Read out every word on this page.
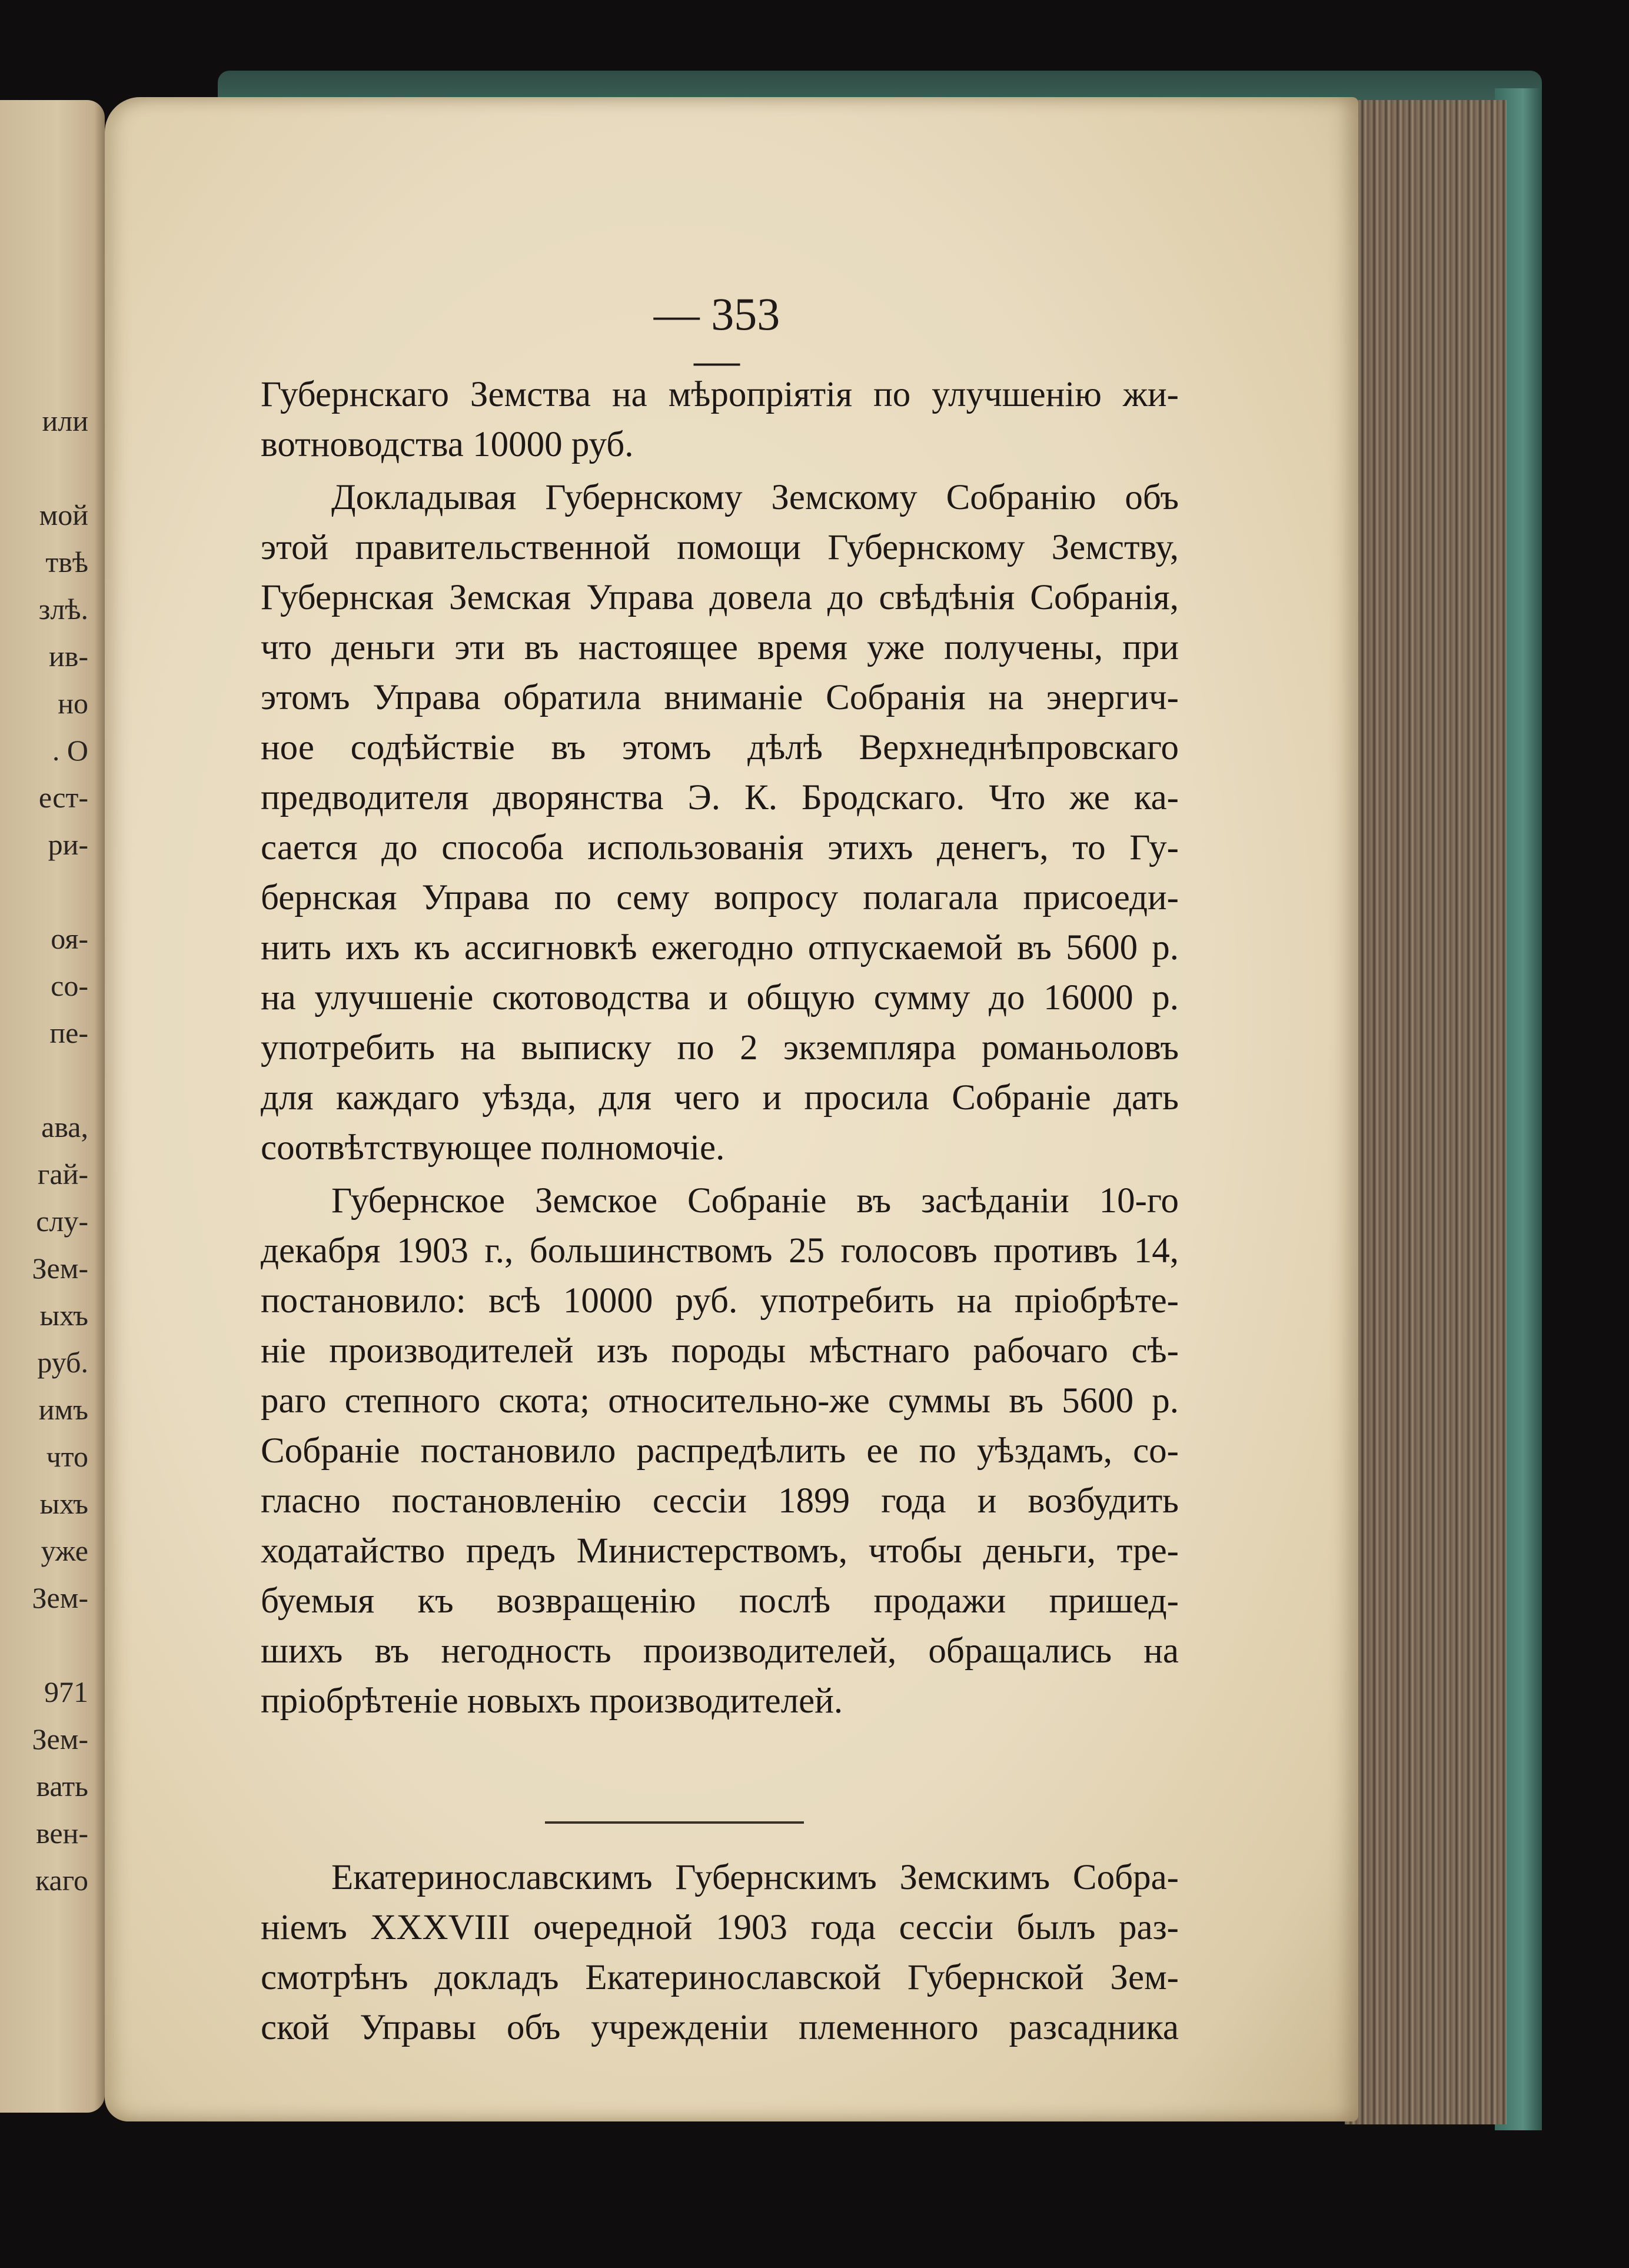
или
мой
твѣ
злѣ.
ив-
но
. О
ест-
ри-
оя-
со-
пе-
ава,
гай-
слу-
Зем-
ыхъ
руб.
имъ
что
ыхъ
уже
Зем-
971
Зем-
вать
вен-
каго
— 353 —
Губернскаго Земства на мѣропріятія по улучшенію жи-
вотноводства 10000 руб.
Докладывая Губернскому Земскому Собранію объ
этой правительственной помощи Губернскому Земству,
Губернская Земская Управа довела до свѣдѣнія Собранія,
что деньги эти въ настоящее время уже получены, при
этомъ Управа обратила вниманіе Собранія на энергич-
ное содѣйствіе въ этомъ дѣлѣ Верхнеднѣпровскаго
предводителя дворянства Э. К. Бродскаго. Что же ка-
сается до способа использованія этихъ денегъ, то Гу-
бернская Управа по сему вопросу полагала присоеди-
нить ихъ къ ассигновкѣ ежегодно отпускаемой въ 5600 р.
на улучшеніе скотоводства и общую сумму до 16000 р.
употребить на выписку по 2 экземпляра романьоловъ
для каждаго уѣзда, для чего и просила Собраніе дать
соотвѣтствующее полномочіе.
Губернское Земское Собраніе въ засѣданіи 10-го
декабря 1903 г., большинствомъ 25 голосовъ противъ 14,
постановило: всѣ 10000 руб. употребить на пріобрѣте-
ніе производителей изъ породы мѣстнаго рабочаго сѣ-
раго степного скота; относительно-же суммы въ 5600 р.
Собраніе постановило распредѣлить ее по уѣздамъ, со-
гласно постановленію сессіи 1899 года и возбудить
ходатайство предъ Министерствомъ, чтобы деньги, тре-
буемыя къ возвращенію послѣ продажи пришед-
шихъ въ негодность производителей, обращались на
пріобрѣтеніе новыхъ производителей.
Екатеринославскимъ Губернскимъ Земскимъ Собра-
ніемъ XXXVIII очередной 1903 года сессіи былъ раз-
смотрѣнъ докладъ Екатеринославской Губернской Зем-
ской Управы объ учрежденіи племенного разсадника
